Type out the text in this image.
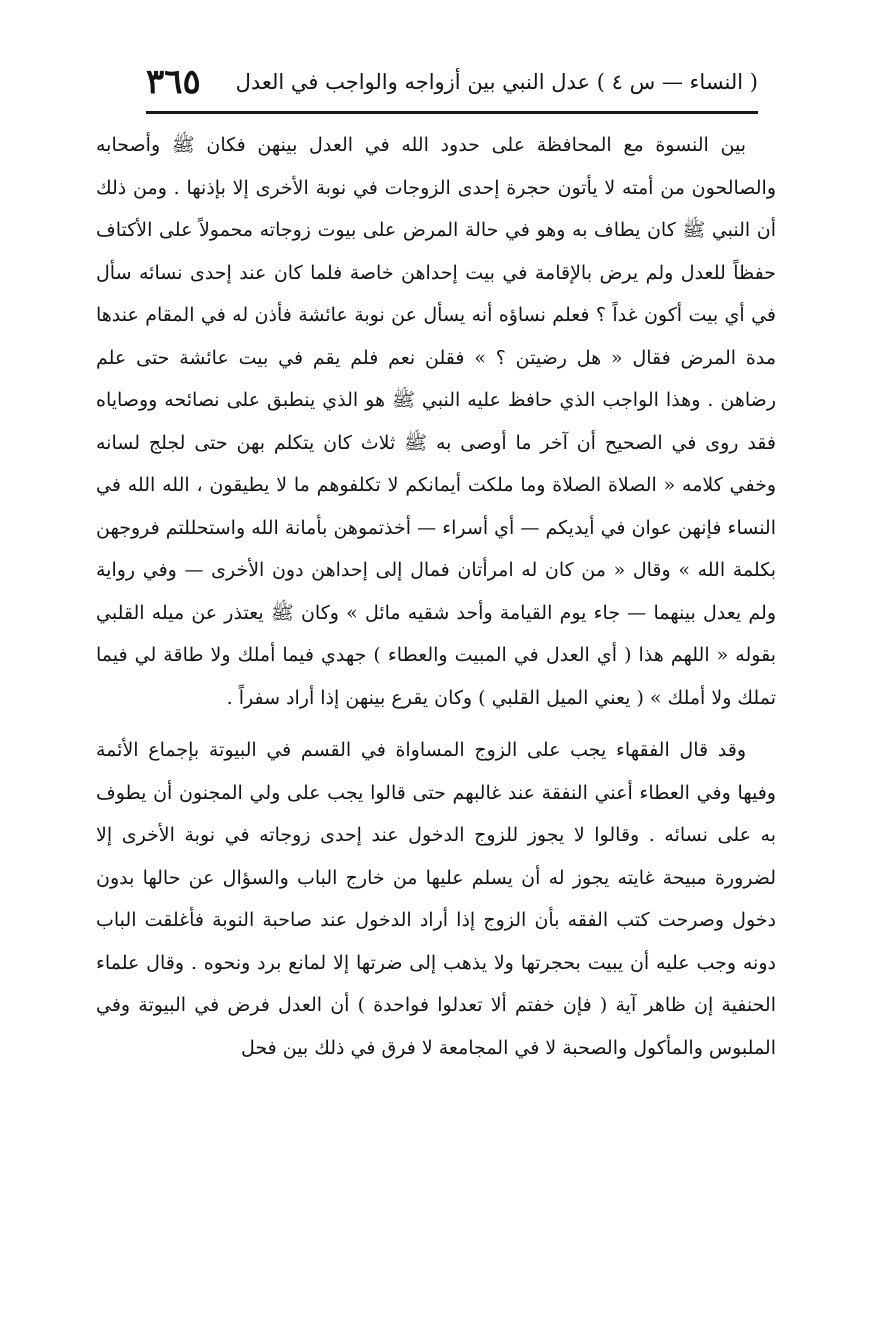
( النساء — س ٤ ) عدل النبي بين أزواجه والواجب في العدل
٣٦٥

بين النسوة مع المحافظة على حدود الله في العدل بينهن فكان ﷺ وأصحابه والصالحون من أمته لا يأتون حجرة إحدى الزوجات في نوبة الأخرى إلا بإذنها . ومن ذلك أن النبي ﷺ كان يطاف به وهو في حالة المرض على بيوت زوجاته محمولاً على الأكتاف حفظاً للعدل ولم يرض بالإقامة في بيت إحداهن خاصة فلما كان عند إحدى نسائه سأل في أي بيت أكون غداً ؟ فعلم نساؤه أنه يسأل عن نوبة عائشة فأذن له في المقام عندها مدة المرض فقال « هل رضيتن ؟ » فقلن نعم فلم يقم في بيت عائشة حتى علم رضاهن . وهذا الواجب الذي حافظ عليه النبي ﷺ هو الذي ينطبق على نصائحه ووصاياه فقد روى في الصحيح أن آخر ما أوصى به ﷺ ثلاث كان يتكلم بهن حتى لجلج لسانه وخفي كلامه « الصلاة الصلاة وما ملكت أيمانكم لا تكلفوهم ما لا يطيقون ، الله الله في النساء فإنهن عوان في أيديكم — أي أسراء — أخذتموهن بأمانة الله واستحللتم فروجهن بكلمة الله » وقال « من كان له امرأتان فمال إلى إحداهن دون الأخرى — وفي رواية ولم يعدل بينهما — جاء يوم القيامة وأحد شقيه مائل » وكان ﷺ يعتذر عن ميله القلبي بقوله « اللهم هذا ( أي العدل في المبيت والعطاء ) جهدي فيما أملك ولا طاقة لي فيما تملك ولا أملك » ( يعني الميل القلبي ) وكان يقرع بينهن إذا أراد سفراً .

وقد قال الفقهاء يجب على الزوج المساواة في القسم في البيوتة بإجماع الأئمة وفيها وفي العطاء أعني النفقة عند غالبهم حتى قالوا يجب على ولي المجنون أن يطوف به على نسائه . وقالوا لا يجوز للزوج الدخول عند إحدى زوجاته في نوبة الأخرى إلا لضرورة مبيحة غايته يجوز له أن يسلم عليها من خارج الباب والسؤال عن حالها بدون دخول وصرحت كتب الفقه بأن الزوج إذا أراد الدخول عند صاحبة النوبة فأغلقت الباب دونه وجب عليه أن يبيت بحجرتها ولا يذهب إلى ضرتها إلا لمانع برد ونحوه . وقال علماء الحنفية إن ظاهر آية ( فإن خفتم ألا تعدلوا فواحدة ) أن العدل فرض في البيوتة وفي الملبوس والمأكول والصحبة لا في المجامعة لا فرق في ذلك بين فحل
